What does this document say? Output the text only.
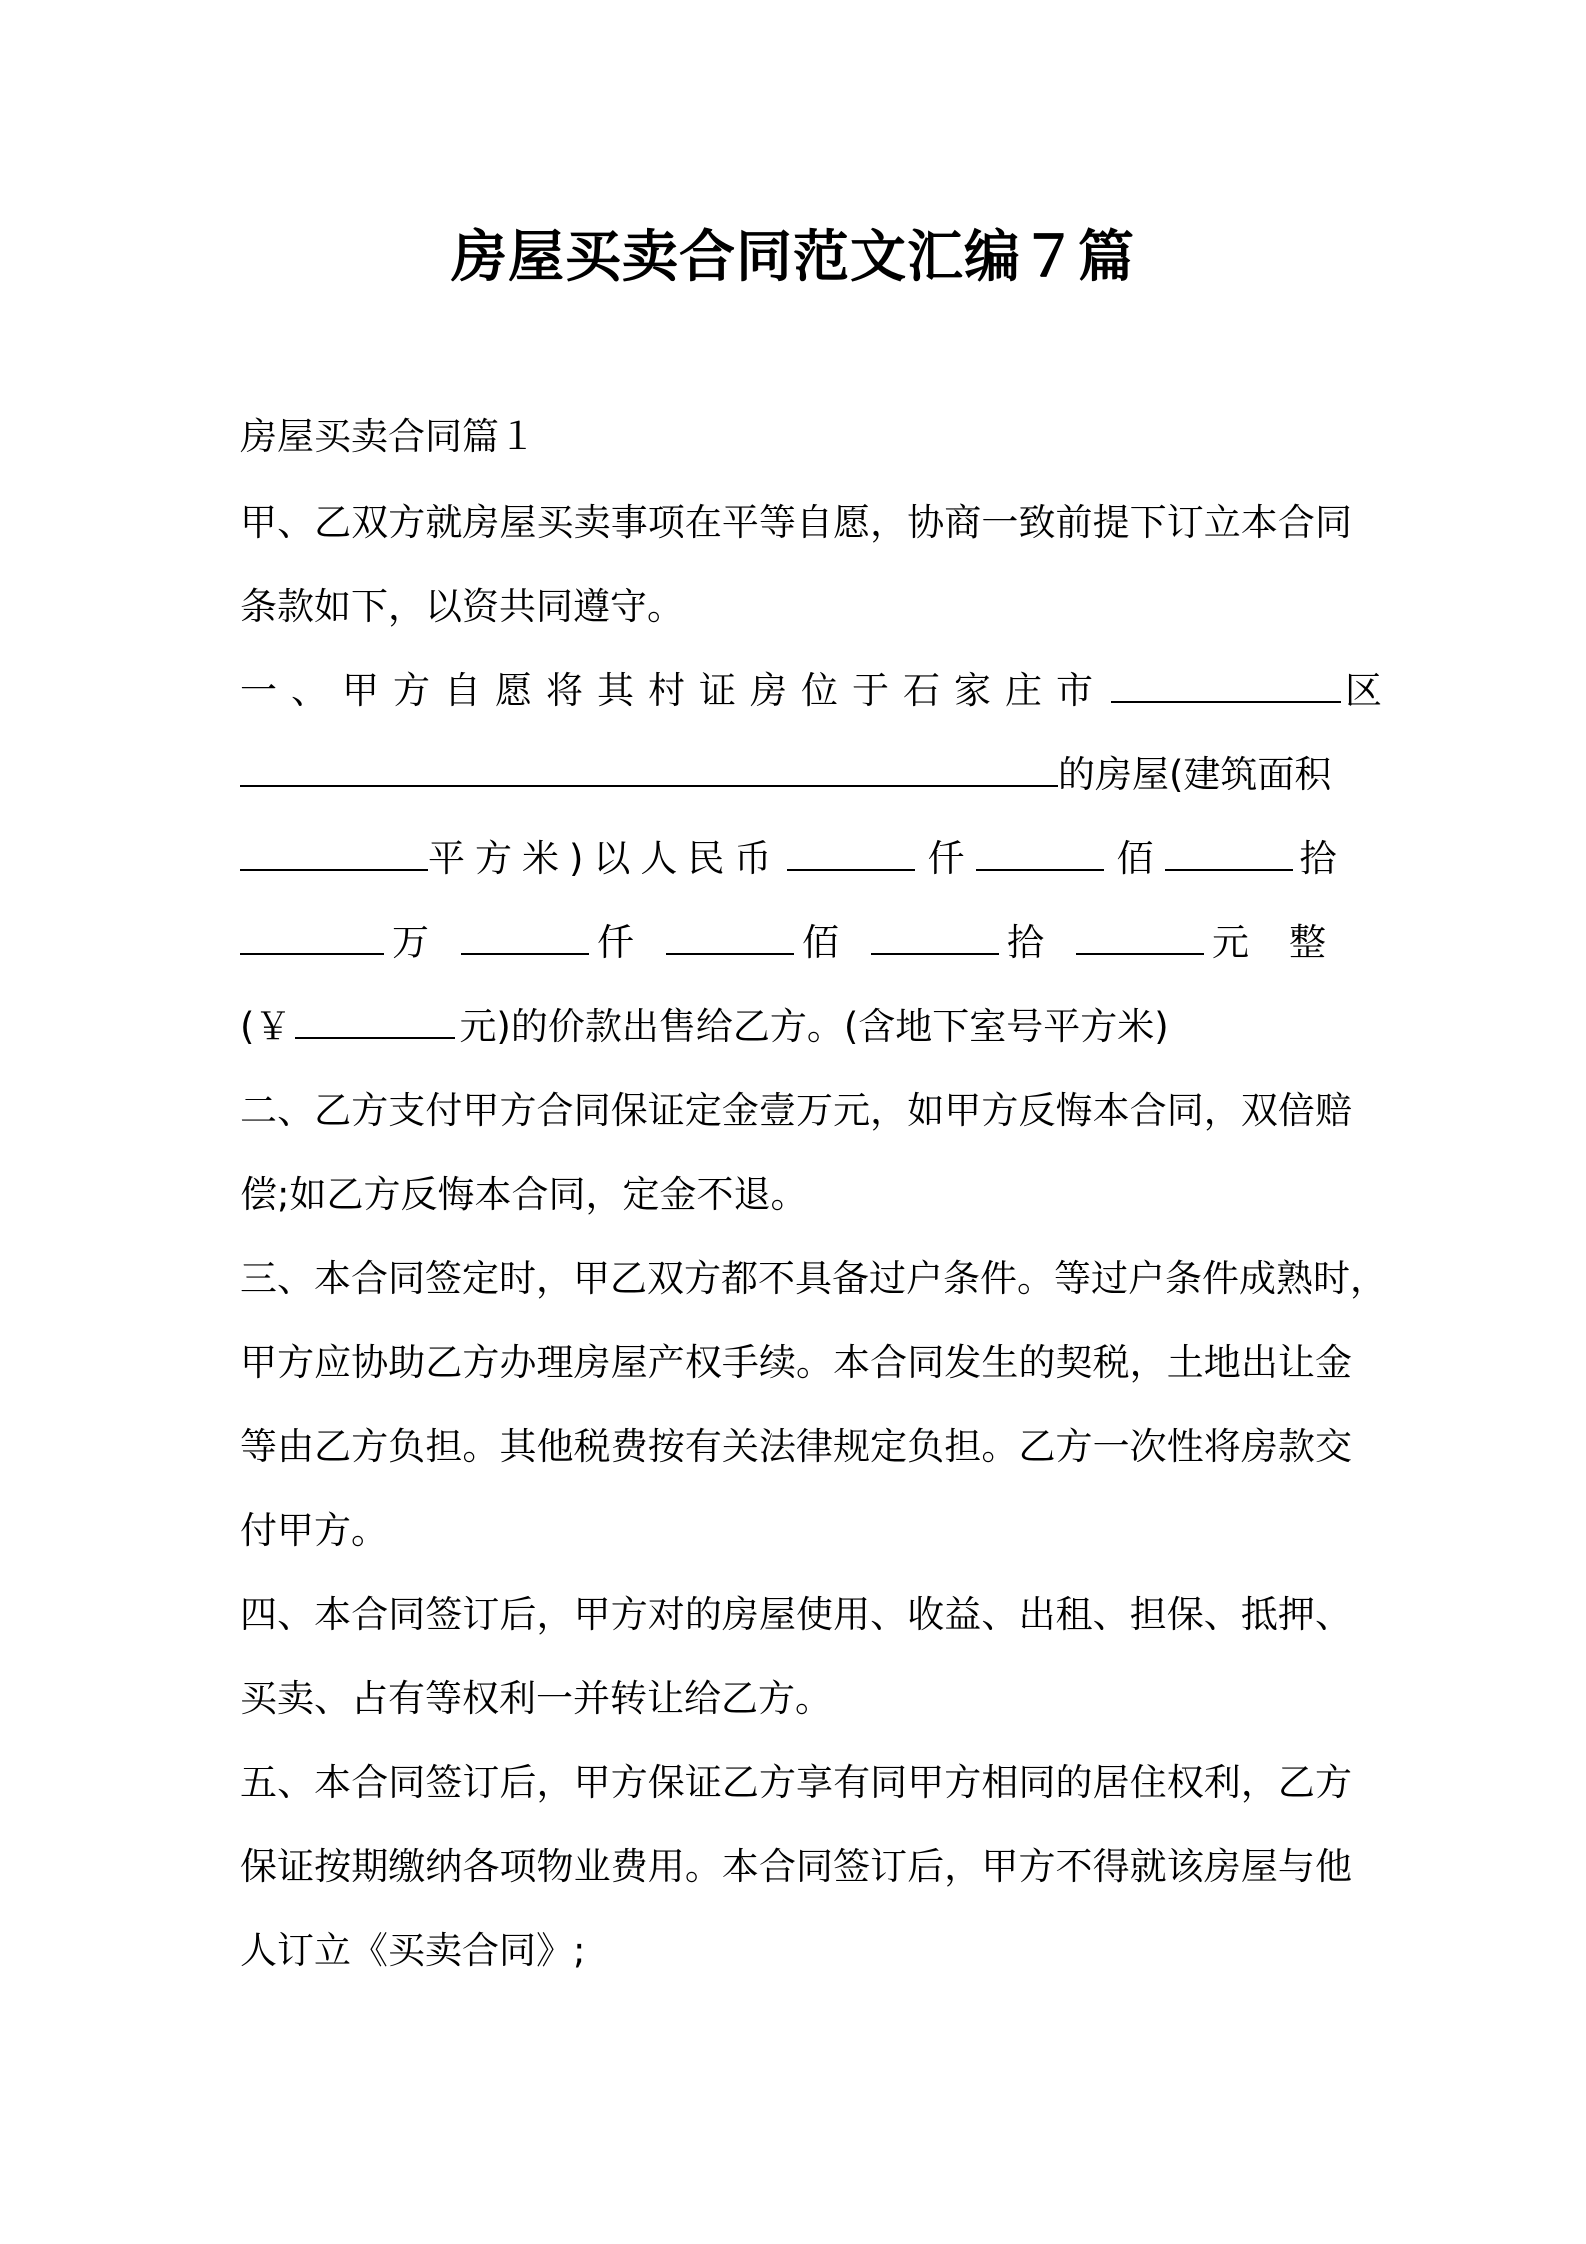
房屋买卖合同范文汇编７篇
房屋买卖合同篇１
甲、乙双方就房屋买卖事项在平等自愿，协商一致前提下订立本合同
条款如下，以资共同遵守。
一、甲方自愿将其村证房位于石家庄市	区
的房屋(建筑面积
平方米)以人民币	仟	佰	拾
万	仟	佰	拾	元整
(￥	元)的价款出售给乙方。(含地下室号平方米)
二、乙方支付甲方合同保证定金壹万元，如甲方反悔本合同，双倍赔
偿;如乙方反悔本合同，定金不退。
三、本合同签定时，甲乙双方都不具备过户条件。等过户条件成熟时，
甲方应协助乙方办理房屋产权手续。本合同发生的契税，土地出让金
等由乙方负担。其他税费按有关法律规定负担。乙方一次性将房款交
付甲方。
四、本合同签订后，甲方对的房屋使用、收益、出租、担保、抵押、
买卖、占有等权利一并转让给乙方。
五、本合同签订后，甲方保证乙方享有同甲方相同的居住权利，乙方
保证按期缴纳各项物业费用。本合同签订后，甲方不得就该房屋与他
人订立《买卖合同》;
